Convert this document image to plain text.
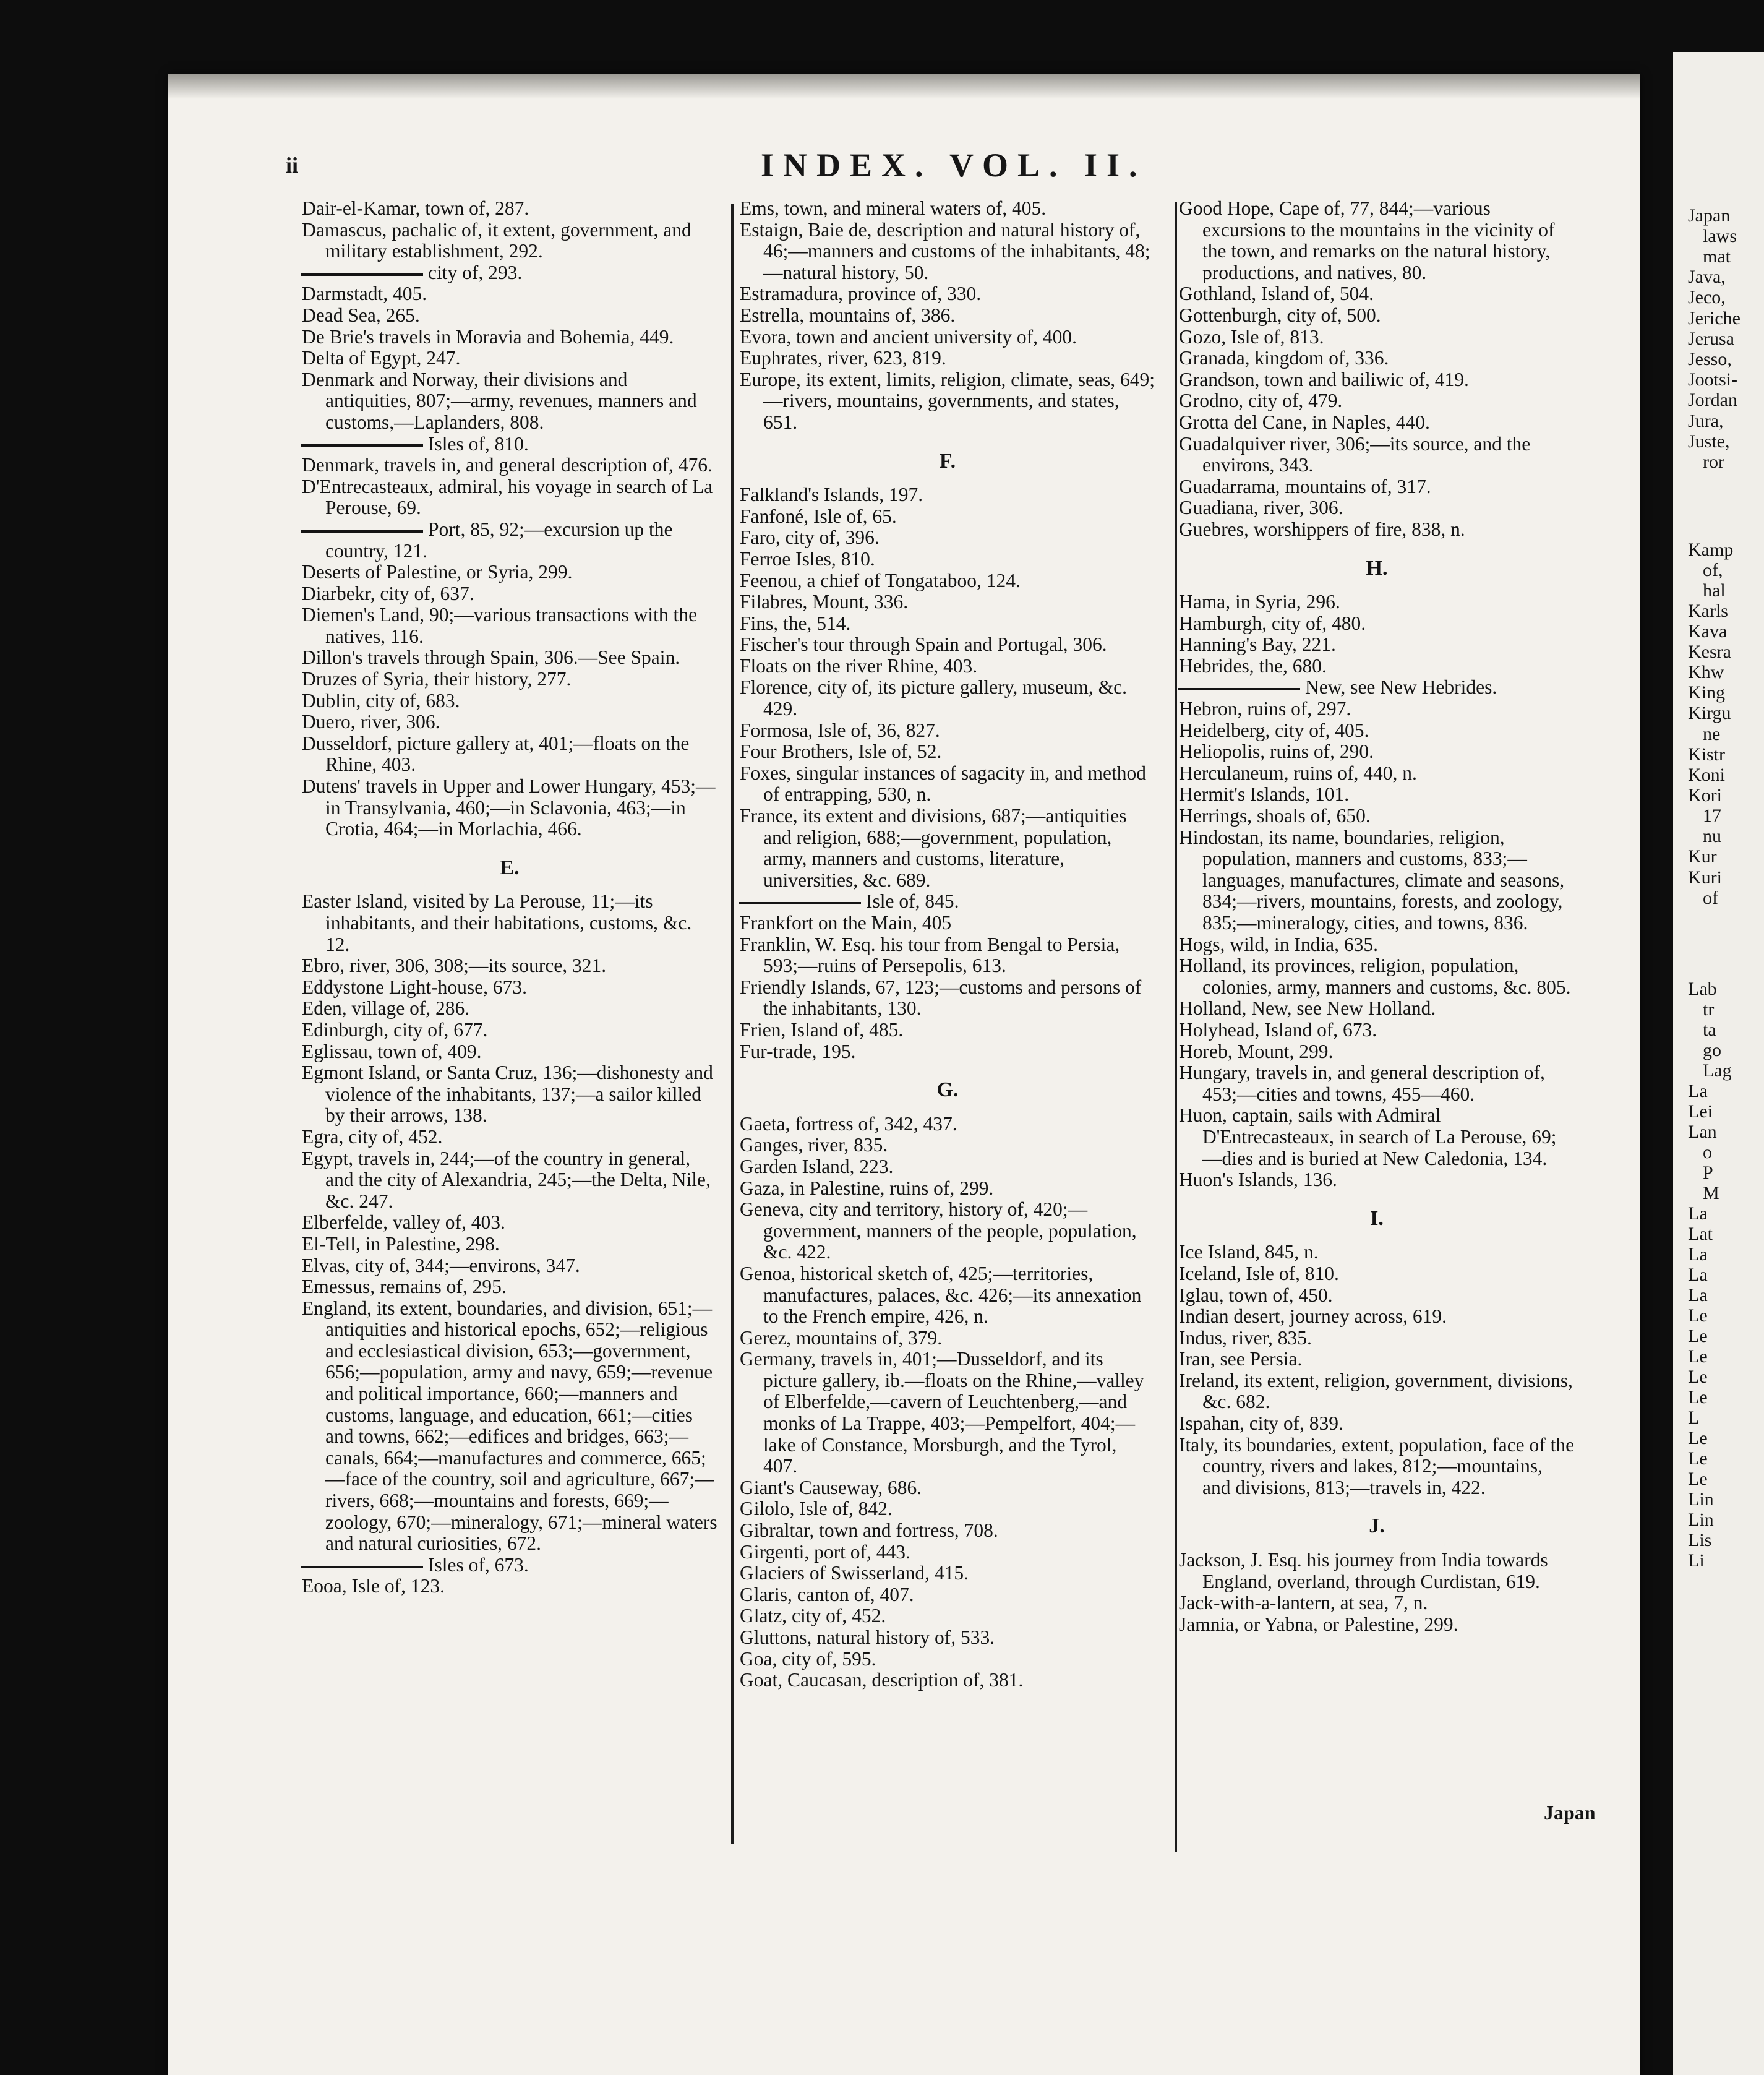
Japan
laws
mat
Java,
Jeco,
Jeriche
Jerusa
Jesso,
Jootsi-
Jordan
Jura,
Juste,
ror
Kamp
of,
hal
Karls
Kava
Kesra
Khw
King
Kirgu
ne
Kistr
Koni
Kori
17
nu
Kur
Kuri
of
Lab
tr
ta
go
Lag
La
Lei
Lan
o
P
M
La
Lat
La
La
La
Le
Le
Le
Le
Le
L
Le
Le
Le
Lin
Lin
Lis
Li
ii	INDEX. VOL. II.

Dair-el-Kamar, town of, 287.

Damascus, pachalic of, it extent, government, and military establishment, 292.

city of, 293.

Darmstadt, 405.

Dead Sea, 265.

De Brie's travels in Moravia and Bohemia, 449.

Delta of Egypt, 247.

Denmark and Norway, their divisions and antiquities, 807;—army, revenues, manners and customs,—Laplanders, 808.

Isles of, 810.

Denmark, travels in, and general description of, 476.

D'Entrecasteaux, admiral, his voyage in search of La Perouse, 69.

Port, 85, 92;—excursion up the country, 121.

Deserts of Palestine, or Syria, 299.

Diarbekr, city of, 637.

Diemen's Land, 90;—various transactions with the natives, 116.

Dillon's travels through Spain, 306.—See Spain.

Druzes of Syria, their history, 277.

Dublin, city of, 683.

Duero, river, 306.

Dusseldorf, picture gallery at, 401;—floats on the Rhine, 403.

Dutens' travels in Upper and Lower Hungary, 453;—in Transylvania, 460;—in Sclavonia, 463;—in Crotia, 464;—in Morlachia, 466.

E.

Easter Island, visited by La Perouse, 11;—its inhabitants, and their habitations, customs, &c. 12.

Ebro, river, 306, 308;—its source, 321.

Eddystone Light-house, 673.

Eden, village of, 286.

Edinburgh, city of, 677.

Eglissau, town of, 409.

Egmont Island, or Santa Cruz, 136;—dishonesty and violence of the inhabitants, 137;—a sailor killed by their arrows, 138.

Egra, city of, 452.

Egypt, travels in, 244;—of the country in general, and the city of Alexandria, 245;—the Delta, Nile, &c. 247.

Elberfelde, valley of, 403.

El-Tell, in Palestine, 298.

Elvas, city of, 344;—environs, 347.

Emessus, remains of, 295.

England, its extent, boundaries, and division, 651;—antiquities and historical epochs, 652;—religious and ecclesiastical division, 653;—government, 656;—population, army and navy, 659;—revenue and political importance, 660;—manners and customs, language, and education, 661;—cities and towns, 662;—edifices and bridges, 663;—canals, 664;—manufactures and commerce, 665;—face of the country, soil and agriculture, 667;—rivers, 668;—mountains and forests, 669;—zoology, 670;—mineralogy, 671;—mineral waters and natural curiosities, 672.

Isles of, 673.

Eooa, Isle of, 123.

Ems, town, and mineral waters of, 405.

Estaign, Baie de, description and natural history of, 46;—manners and customs of the inhabitants, 48;—natural history, 50.

Estramadura, province of, 330.

Estrella, mountains of, 386.

Evora, town and ancient university of, 400.

Euphrates, river, 623, 819.

Europe, its extent, limits, religion, climate, seas, 649;—rivers, mountains, governments, and states, 651.

F.

Falkland's Islands, 197.

Fanfoné, Isle of, 65.

Faro, city of, 396.

Ferroe Isles, 810.

Feenou, a chief of Tongataboo, 124.

Filabres, Mount, 336.

Fins, the, 514.

Fischer's tour through Spain and Portugal, 306.

Floats on the river Rhine, 403.

Florence, city of, its picture gallery, museum, &c. 429.

Formosa, Isle of, 36, 827.

Four Brothers, Isle of, 52.

Foxes, singular instances of sagacity in, and method of entrapping, 530, n.

France, its extent and divisions, 687;—antiquities and religion, 688;—government, population, army, manners and customs, literature, universities, &c. 689.

Isle of, 845.

Frankfort on the Main, 405

Franklin, W. Esq. his tour from Bengal to Persia, 593;—ruins of Persepolis, 613.

Friendly Islands, 67, 123;—customs and persons of the inhabitants, 130.

Frien, Island of, 485.

Fur-trade, 195.

G.

Gaeta, fortress of, 342, 437.

Ganges, river, 835.

Garden Island, 223.

Gaza, in Palestine, ruins of, 299.

Geneva, city and territory, history of, 420;—government, manners of the people, population, &c. 422.

Genoa, historical sketch of, 425;—territories, manufactures, palaces, &c. 426;—its annexation to the French empire, 426, n.

Gerez, mountains of, 379.

Germany, travels in, 401;—Dusseldorf, and its picture gallery, ib.—floats on the Rhine,—valley of Elberfelde,—cavern of Leuchtenberg,—and monks of La Trappe, 403;—Pempelfort, 404;—lake of Constance, Morsburgh, and the Tyrol, 407.

Giant's Causeway, 686.

Gilolo, Isle of, 842.

Gibraltar, town and fortress, 708.

Girgenti, port of, 443.

Glaciers of Swisserland, 415.

Glaris, canton of, 407.

Glatz, city of, 452.

Gluttons, natural history of, 533.

Goa, city of, 595.

Goat, Caucasan, description of, 381.

Good Hope, Cape of, 77, 844;—various excursions to the mountains in the vicinity of the town, and remarks on the natural history, productions, and natives, 80.

Gothland, Island of, 504.

Gottenburgh, city of, 500.

Gozo, Isle of, 813.

Granada, kingdom of, 336.

Grandson, town and bailiwic of, 419.

Grodno, city of, 479.

Grotta del Cane, in Naples, 440.

Guadalquiver river, 306;—its source, and the environs, 343.

Guadarrama, mountains of, 317.

Guadiana, river, 306.

Guebres, worshippers of fire, 838, n.

H.

Hama, in Syria, 296.

Hamburgh, city of, 480.

Hanning's Bay, 221.

Hebrides, the, 680.

New, see New Hebrides.

Hebron, ruins of, 297.

Heidelberg, city of, 405.

Heliopolis, ruins of, 290.

Herculaneum, ruins of, 440, n.

Hermit's Islands, 101.

Herrings, shoals of, 650.

Hindostan, its name, boundaries, religion, population, manners and customs, 833;—languages, manufactures, climate and seasons, 834;—rivers, mountains, forests, and zoology, 835;—mineralogy, cities, and towns, 836.

Hogs, wild, in India, 635.

Holland, its provinces, religion, population, colonies, army, manners and customs, &c. 805.

Holland, New, see New Holland.

Holyhead, Island of, 673.

Horeb, Mount, 299.

Hungary, travels in, and general description of, 453;—cities and towns, 455—460.

Huon, captain, sails with Admiral D'Entrecasteaux, in search of La Perouse, 69;—dies and is buried at New Caledonia, 134.

Huon's Islands, 136.

I.

Ice Island, 845, n.

Iceland, Isle of, 810.

Iglau, town of, 450.

Indian desert, journey across, 619.

Indus, river, 835.

Iran, see Persia.

Ireland, its extent, religion, government, divisions, &c. 682.

Ispahan, city of, 839.

Italy, its boundaries, extent, population, face of the country, rivers and lakes, 812;—mountains, and divisions, 813;—travels in, 422.

J.

Jackson, J. Esq. his journey from India towards England, overland, through Curdistan, 619.

Jack-with-a-lantern, at sea, 7, n.

Jamnia, or Yabna, or Palestine, 299.

Japan
